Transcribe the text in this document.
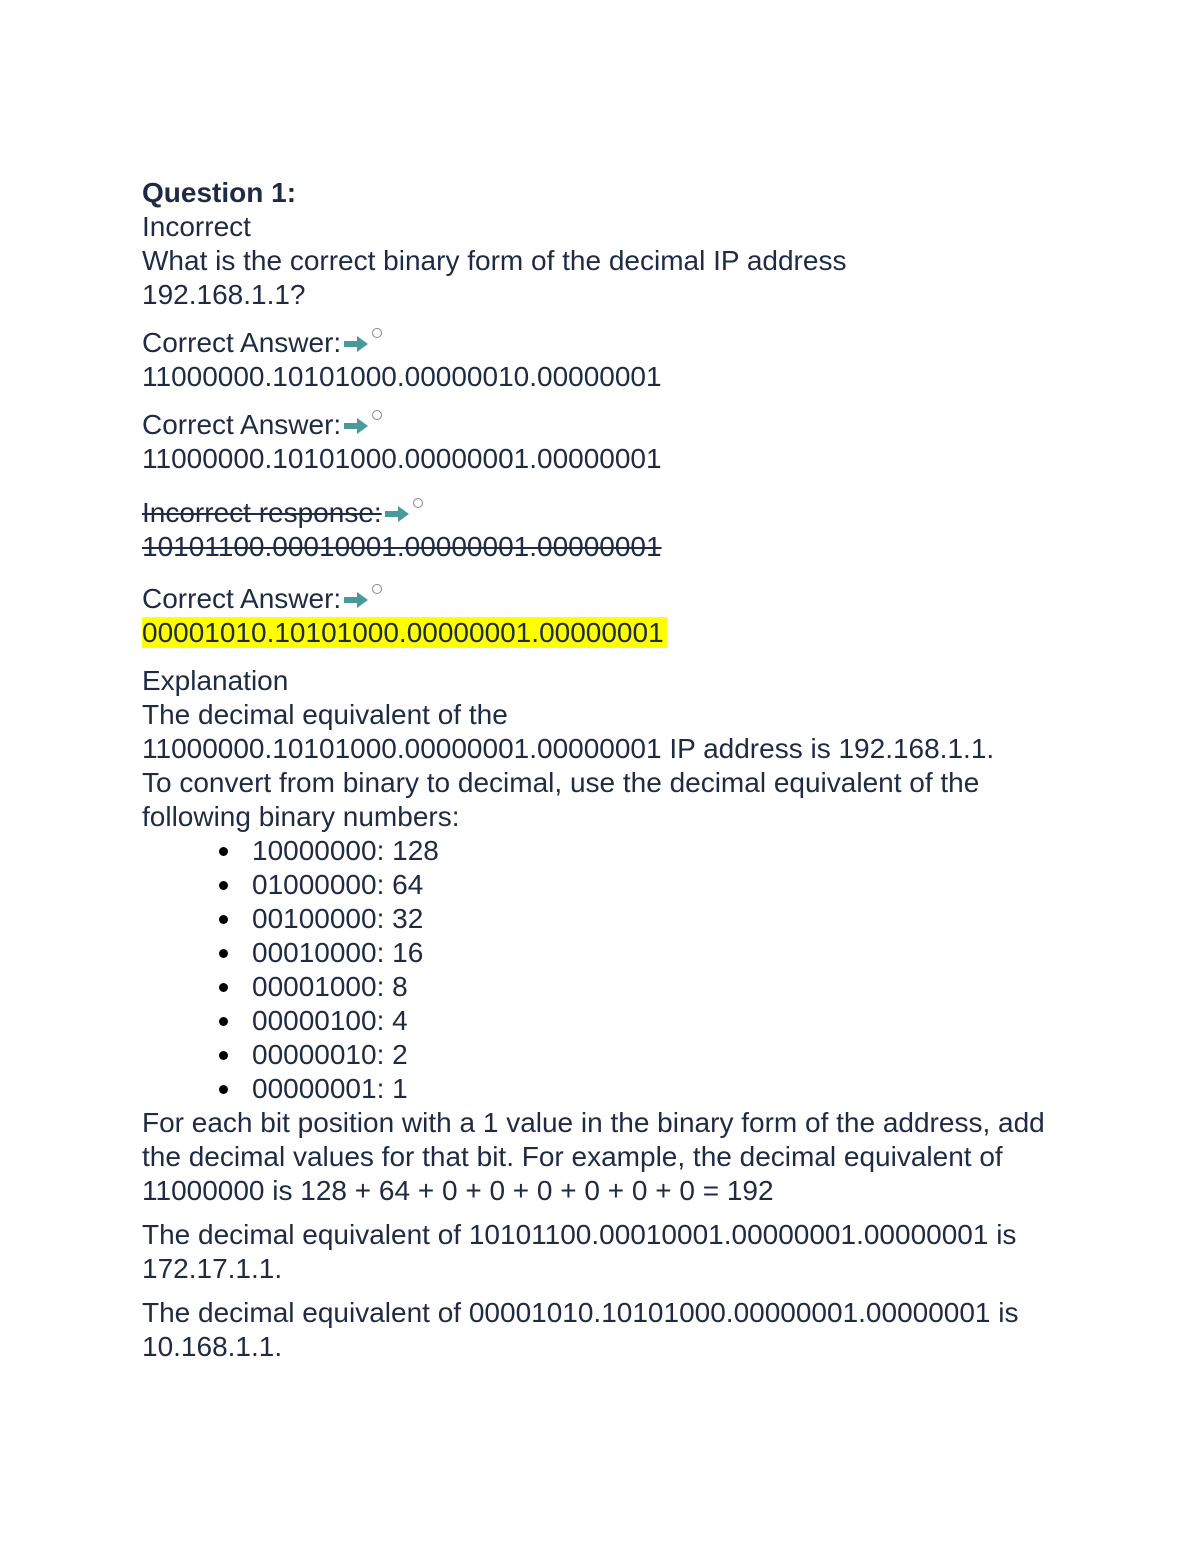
Question 1:
Incorrect
What is the correct binary form of the decimal IP address 192.168.1.1?
Correct Answer:
11000000.10101000.00000010.00000001
Correct Answer:
11000000.10101000.00000001.00000001
Incorrect response:
10101100.00010001.00000001.00000001
Correct Answer:
00001010.10101000.00000001.00000001
Explanation
The decimal equivalent of the
11000000.10101000.00000001.00000001 IP address is 192.168.1.1.
To convert from binary to decimal, use the decimal equivalent of the following binary numbers:
10000000: 128
01000000: 64
00100000: 32
00010000: 16
00001000: 8
00000100: 4
00000010: 2
00000001: 1
For each bit position with a 1 value in the binary form of the address, add the decimal values for that bit. For example, the decimal equivalent of 11000000 is 128 + 64 + 0 + 0 + 0 + 0 + 0 + 0 = 192
The decimal equivalent of 10101100.00010001.00000001.00000001 is 172.17.1.1.
The decimal equivalent of 00001010.10101000.00000001.00000001 is 10.168.1.1.
